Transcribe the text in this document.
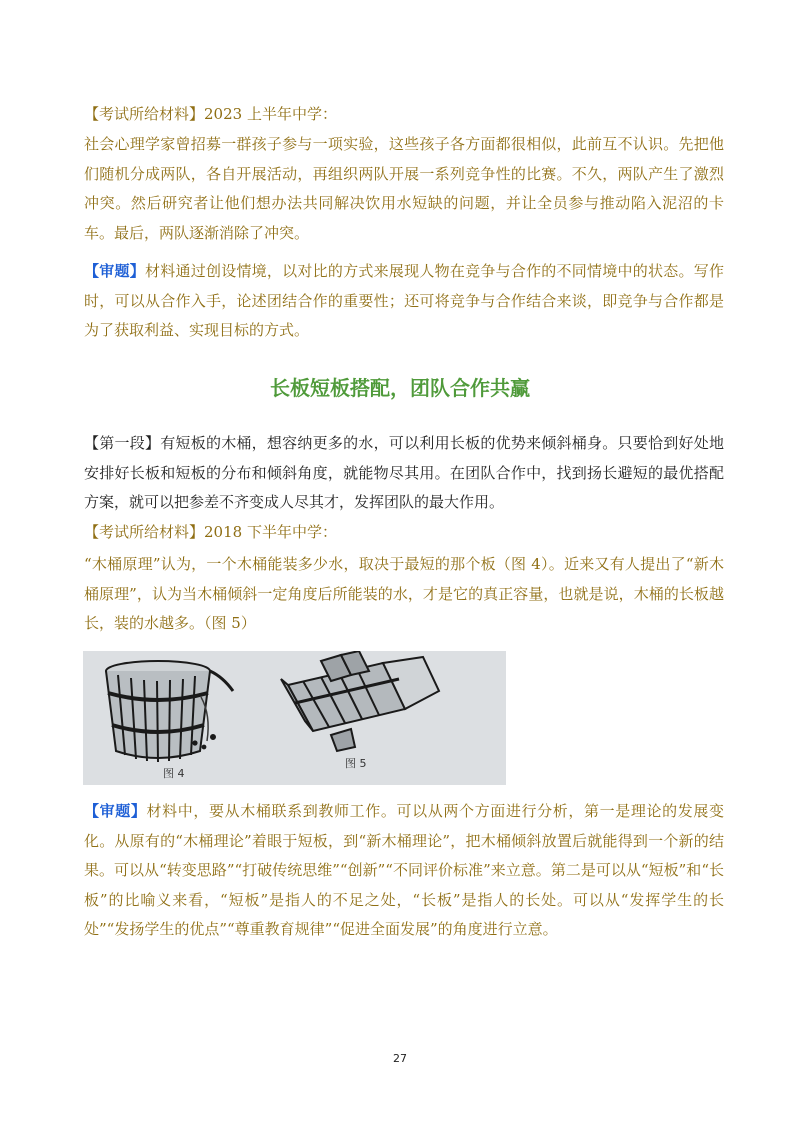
【考试所给材料】2023 上半年中学：

社会心理学家曾招募一群孩子参与一项实验，这些孩子各方面都很相似，此前互不认识。先把他们随机分成两队，各自开展活动，再组织两队开展一系列竞争性的比赛。不久，两队产生了激烈冲突。然后研究者让他们想办法共同解决饮用水短缺的问题，并让全员参与推动陷入泥沼的卡车。最后，两队逐渐消除了冲突。

【审题】材料通过创设情境，以对比的方式来展现人物在竞争与合作的不同情境中的状态。写作时，可以从合作入手，论述团结合作的重要性；还可将竞争与合作结合来谈，即竞争与合作都是为了获取利益、实现目标的方式。

长板短板搭配，团队合作共赢

【第一段】有短板的木桶，想容纳更多的水，可以利用长板的优势来倾斜桶身。只要恰到好处地安排好长板和短板的分布和倾斜角度，就能物尽其用。在团队合作中，找到扬长避短的最优搭配方案，就可以把参差不齐变成人尽其才，发挥团队的最大作用。

【考试所给材料】2018 下半年中学：

“木桶原理”认为，一个木桶能装多少水，取决于最短的那个板（图 4）。近来又有人提出了“新木桶原理”，认为当木桶倾斜一定角度后所能装的水，才是它的真正容量，也就是说，木桶的长板越长，装的水越多。（图 5）

图 4
图 5

【审题】材料中，要从木桶联系到教师工作。可以从两个方面进行分析，第一是理论的发展变化。从原有的“木桶理论”着眼于短板，到“新木桶理论”，把木桶倾斜放置后就能得到一个新的结果。可以从“转变思路”“打破传统思维”“创新”“不同评价标准”来立意。第二是可以从“短板”和“长板”的比喻义来看，“短板”是指人的不足之处，“长板”是指人的长处。可以从“发挥学生的长处”“发扬学生的优点”“尊重教育规律”“促进全面发展”的角度进行立意。

27
